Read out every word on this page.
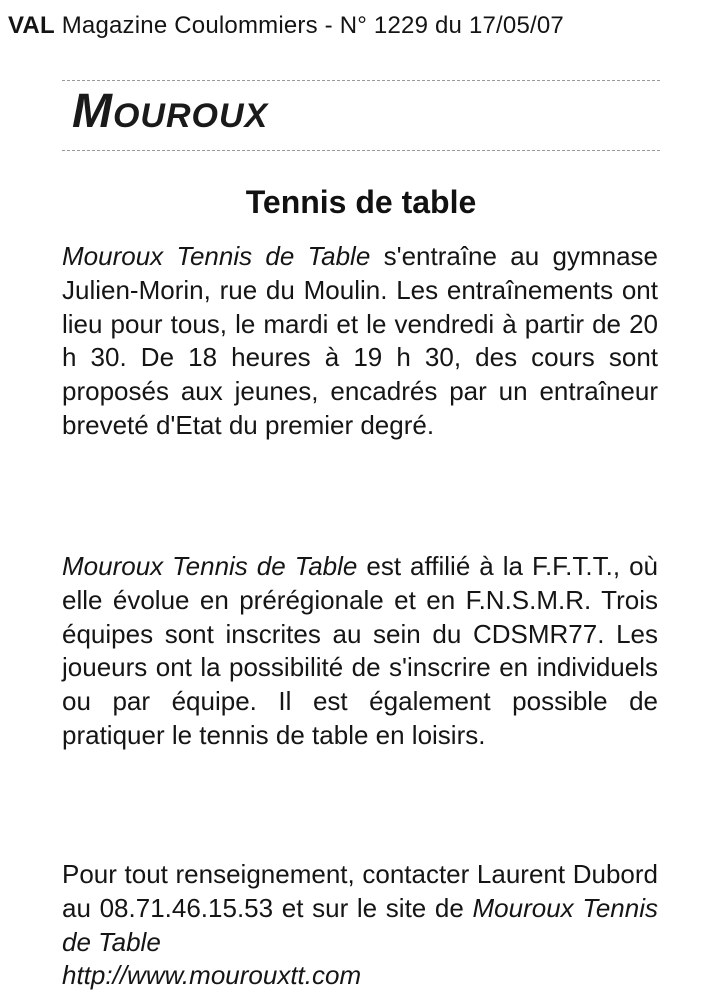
VAL Magazine Coulommiers - N° 1229 du 17/05/07
Mouroux
Tennis de table

Mouroux Tennis de Table s'entraîne au gymnase Julien-Morin, rue du Moulin. Les entraînements ont lieu pour tous, le mardi et le vendredi à partir de 20 h 30. De 18 heures à 19 h 30, des cours sont proposés aux jeunes, encadrés par un entraîneur breveté d'Etat du premier degré.

Mouroux Tennis de Table est affilié à la F.F.T.T., où elle évolue en prérégionale et en F.N.S.M.R. Trois équipes sont inscrites au sein du CDSMR77. Les joueurs ont la possibilité de s'inscrire en individuels ou par équipe. Il est également possible de pratiquer le tennis de table en loisirs.

Pour tout renseignement, contacter Laurent Dubord au 08.71.46.15.53 et sur le site de Mouroux Tennis de Table
http://www.mourouxtt.com
